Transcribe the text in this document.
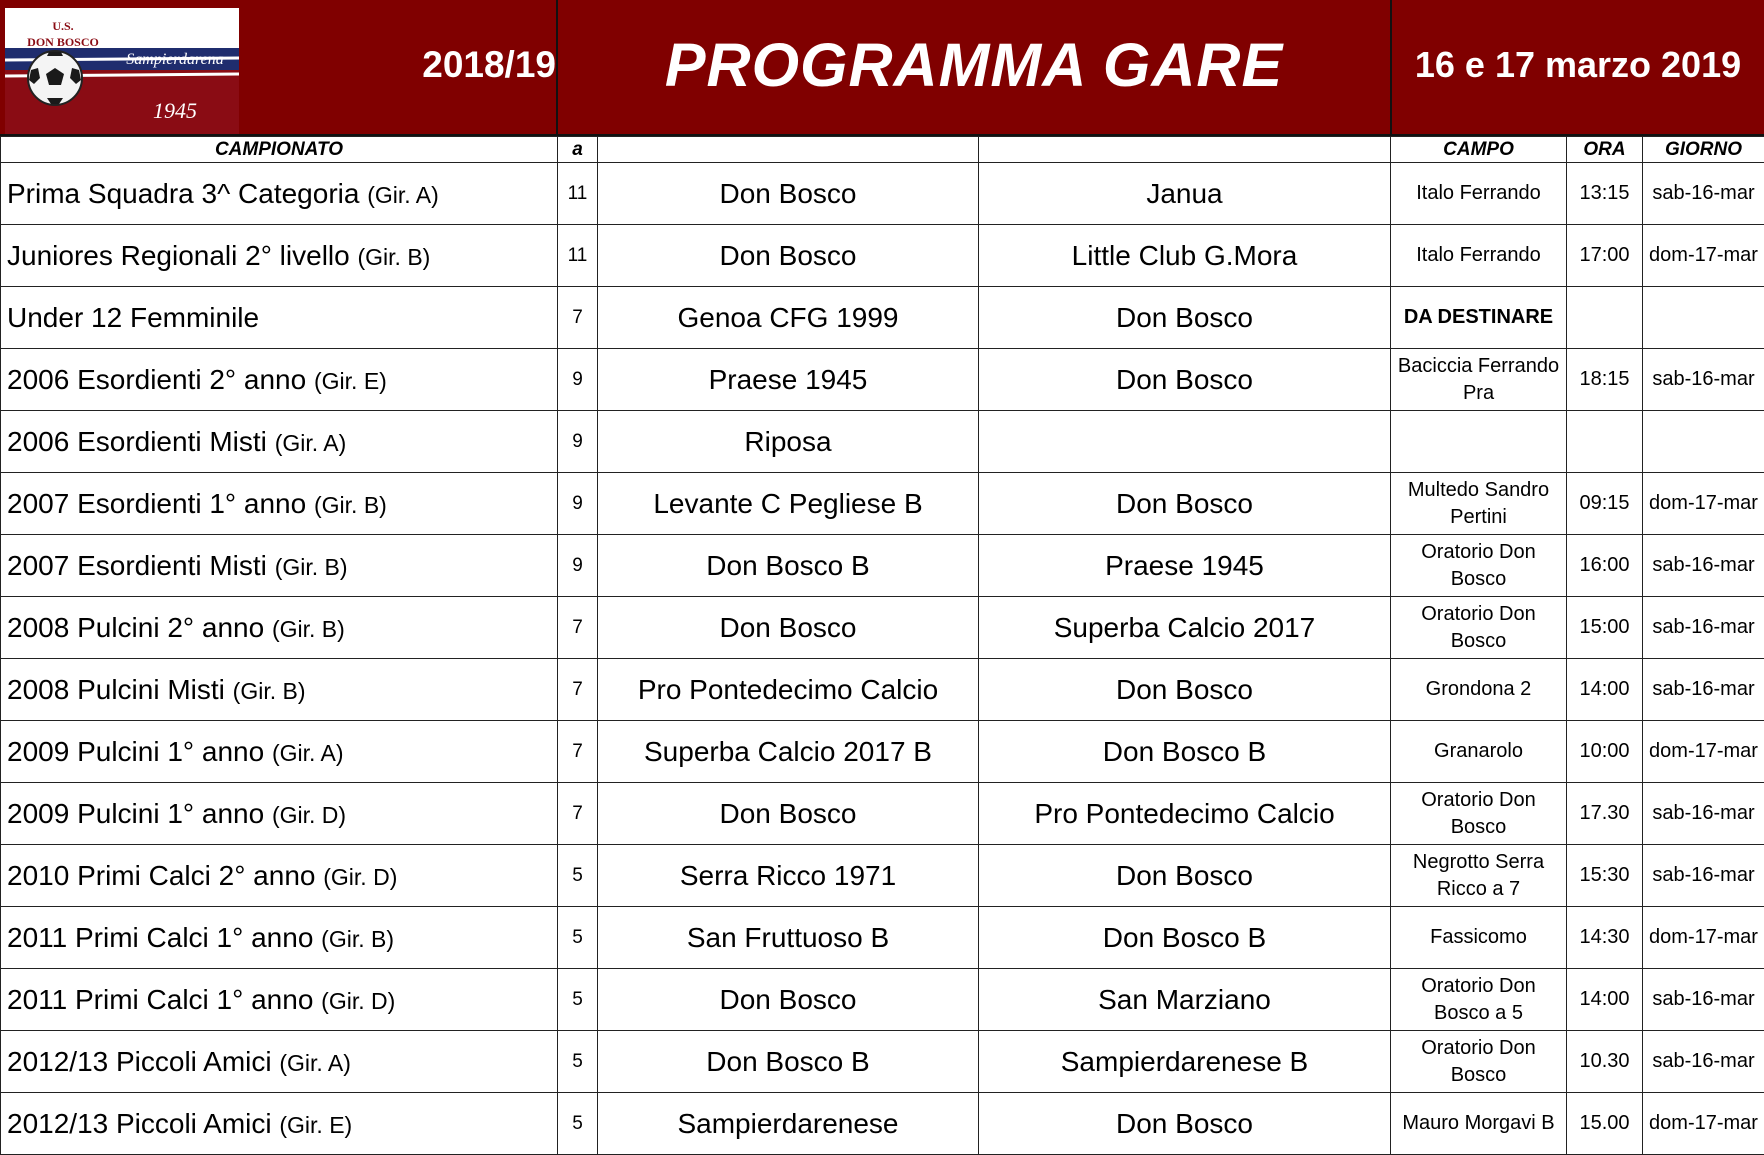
U.S.
DON BOSCO
Sampierdarena
1945
2018/19	PROGRAMMA GARE	16 e 17 marzo 2019
CAMPIONATO	a			CAMPO	ORA	GIORNO
Prima Squadra 3^ Categoria (Gir. A)	11	Don Bosco	Janua	Italo Ferrando	13:15	sab-16-mar
Juniores Regionali 2° livello (Gir. B)	11	Don Bosco	Little Club G.Mora	Italo Ferrando	17:00	dom-17-mar
Under 12 Femminile	7	Genoa CFG 1999	Don Bosco	DA DESTINARE		
2006 Esordienti 2° anno (Gir. E)	9	Praese 1945	Don Bosco	Baciccia Ferrando Pra	18:15	sab-16-mar
2006 Esordienti Misti (Gir. A)	9	Riposa				
2007 Esordienti 1° anno (Gir. B)	9	Levante C Pegliese B	Don Bosco	Multedo Sandro Pertini	09:15	dom-17-mar
2007 Esordienti Misti (Gir. B)	9	Don Bosco B	Praese 1945	Oratorio Don Bosco	16:00	sab-16-mar
2008 Pulcini 2° anno (Gir. B)	7	Don Bosco	Superba Calcio 2017	Oratorio Don Bosco	15:00	sab-16-mar
2008 Pulcini Misti (Gir. B)	7	Pro Pontedecimo Calcio	Don Bosco	Grondona 2	14:00	sab-16-mar
2009 Pulcini 1° anno (Gir. A)	7	Superba Calcio 2017 B	Don Bosco B	Granarolo	10:00	dom-17-mar
2009 Pulcini 1° anno (Gir. D)	7	Don Bosco	Pro Pontedecimo Calcio	Oratorio Don Bosco	17.30	sab-16-mar
2010 Primi Calci 2° anno (Gir. D)	5	Serra Ricco 1971	Don Bosco	Negrotto Serra Ricco a 7	15:30	sab-16-mar
2011 Primi Calci 1° anno (Gir. B)	5	San Fruttuoso B	Don Bosco B	Fassicomo	14:30	dom-17-mar
2011 Primi Calci 1° anno (Gir. D)	5	Don Bosco	San Marziano	Oratorio Don Bosco a 5	14:00	sab-16-mar
2012/13 Piccoli Amici (Gir. A)	5	Don Bosco B	Sampierdarenese B	Oratorio Don Bosco	10.30	sab-16-mar
2012/13 Piccoli Amici (Gir. E)	5	Sampierdarenese	Don Bosco	Mauro Morgavi B	15.00	dom-17-mar
